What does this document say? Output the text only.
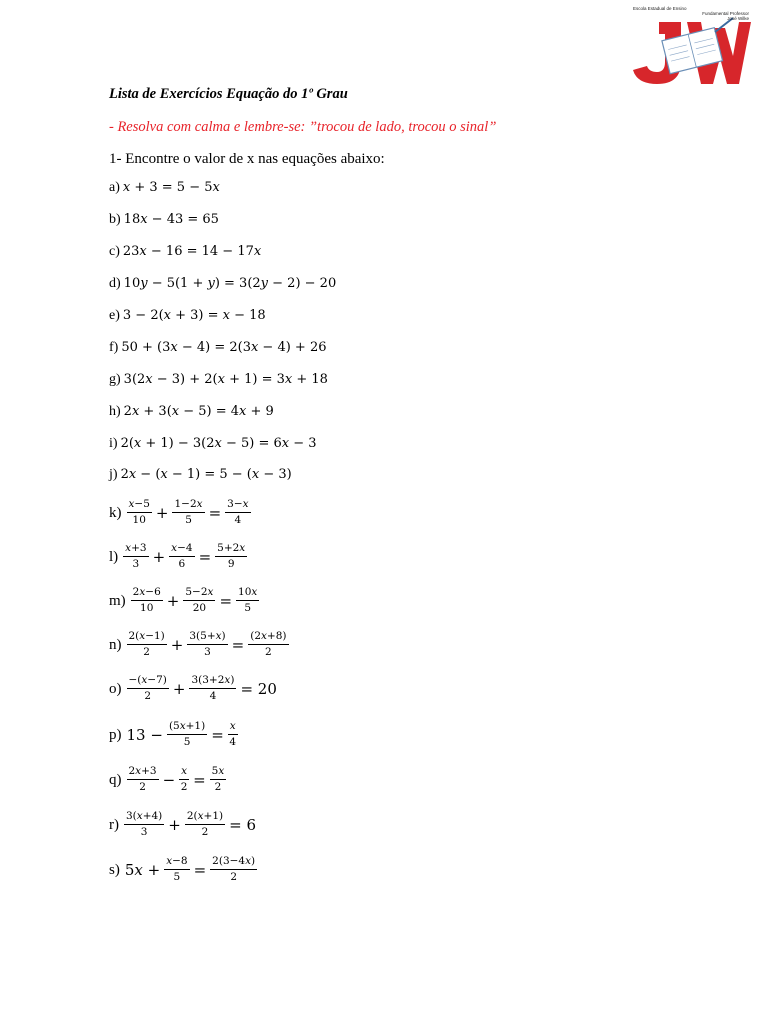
Escola Estadual de Ensino
Fundamental Professor
José Wilke
Lista de Exercícios Equação do 1º Grau
- Resolva com calma e lembre-se: ”trocou de lado, trocou o sinal”
1- Encontre o valor de x nas equações abaixo:
a) 𝑥 + 3 = 5 − 5𝑥
b) 18𝑥 − 43 = 65
c) 23𝑥 − 16 = 14 − 17𝑥
d) 10𝑦 − 5(1 + 𝑦) = 3(2𝑦 − 2) − 20
e) 3 − 2(𝑥 + 3) = 𝑥 − 18
f) 50 + (3𝑥 − 4) = 2(3𝑥 − 4) + 26
g) 3(2𝑥 − 3) + 2(𝑥 + 1) = 3𝑥 + 18
h) 2𝑥 + 3(𝑥 − 5) = 4𝑥 + 9
i) 2(𝑥 + 1) − 3(2𝑥 − 5) = 6𝑥 − 3
j) 2𝑥 − (𝑥 − 1) = 5 − (𝑥 − 3)
$k) \frac{\text{𝑥−5}}{10} + \frac{\text{1−2𝑥}}{5} = \frac{\text{3−𝑥}}{4}$
$l) \frac{\text{𝑥+3}}{3} + \frac{\text{𝑥−4}}{6} = \frac{\text{5+2𝑥}}{9}$
$m) \frac{\text{2𝑥−6}}{10} + \frac{\text{5−2𝑥}}{20} = \frac{\text{10𝑥}}{5}$
$n) \frac{\text{2(𝑥−1)}}{2} + \frac{\text{3(5+𝑥)}}{3} = \frac{\text{(2𝑥+8)}}{2}$
$o) \frac{\text{−(𝑥−7)}}{2} + \frac{\text{3(3+2𝑥)}}{4} = 20$
p) $13 - \frac{\text{(5𝑥+1)}}{5} = \frac{\text{𝑥}}{4}$
$q) \frac{\text{2𝑥+3}}{2} - \frac{\text{𝑥}}{2} = \frac{\text{5𝑥}}{2}$
$r) \frac{\text{3(𝑥+4)}}{3} + \frac{\text{2(𝑥+1)}}{2} = 6$
s) 5𝑥 + $\frac{\text{𝑥−8}}{5} = \frac{\text{2(3−4𝑥)}}{2}$
